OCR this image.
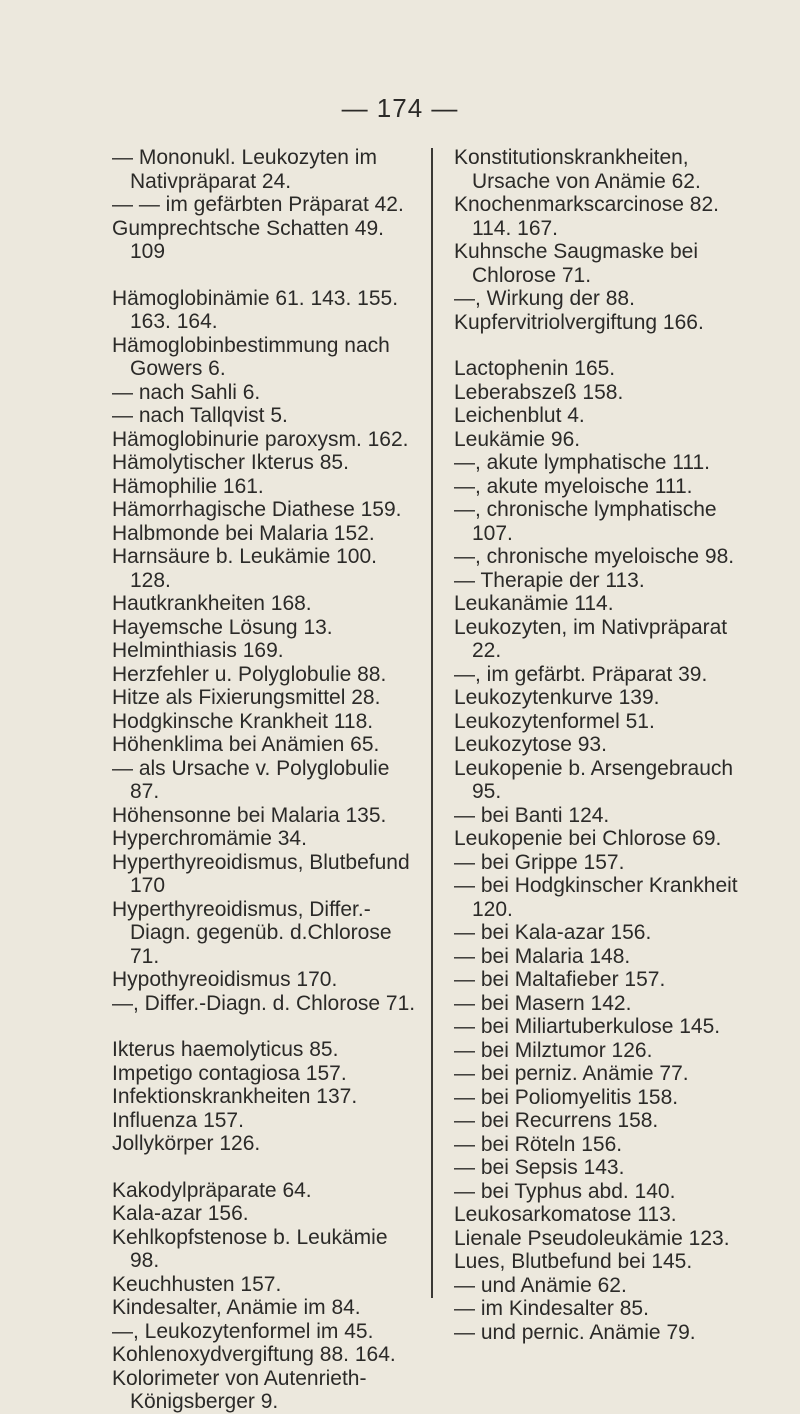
— 174 —
— Mononukl. Leukozyten im Nativpräparat 24.
— — im gefärbten Präparat 42.
Gumprechtsche Schatten 49. 109
Hämoglobinämie 61. 143. 155. 163. 164.
Hämoglobinbestimmung nach Gowers 6.
— nach Sahli 6.
— nach Tallqvist 5.
Hämoglobinurie paroxysm. 162.
Hämolytischer Ikterus 85.
Hämophilie 161.
Hämorrhagische Diathese 159.
Halbmonde bei Malaria 152.
Harnsäure b. Leukämie 100. 128.
Hautkrankheiten 168.
Hayemsche Lösung 13.
Helminthiasis 169.
Herzfehler u. Polyglobulie 88.
Hitze als Fixierungsmittel 28.
Hodgkinsche Krankheit 118.
Höhenklima bei Anämien 65.
— als Ursache v. Polyglobulie 87.
Höhensonne bei Malaria 135.
Hyperchromämie 34.
Hyperthyreoidismus, Blutbefund 170
Hyperthyreoidismus, Differ.-Diagn. gegenüb. d.Chlorose 71.
Hypothyreoidismus 170.
—, Differ.-Diagn. d. Chlorose 71.
Ikterus haemolyticus 85.
Impetigo contagiosa 157.
Infektionskrankheiten 137.
Influenza 157.
Jollykörper 126.
Kakodylpräparate 64.
Kala-azar 156.
Kehlkopfstenose b. Leukämie 98.
Keuchhusten 157.
Kindesalter, Anämie im 84.
—, Leukozytenformel im 45.
Kohlenoxydvergiftung 88. 164.
Kolorimeter von Autenrieth-Königsberger 9.
Konstitutionskrankheiten, Ursache von Anämie 62.
Knochenmarkscarcinose 82. 114. 167.
Kuhnsche Saugmaske bei Chlorose 71.
—, Wirkung der 88.
Kupfervitriolvergiftung 166.
Lactophenin 165.
Leberabszeß 158.
Leichenblut 4.
Leukämie 96.
—, akute lymphatische 111.
—, akute myeloische 111.
—, chronische lymphatische 107.
—, chronische myeloische 98.
— Therapie der 113.
Leukanämie 114.
Leukozyten, im Nativpräparat 22.
—, im gefärbt. Präparat 39.
Leukozytenkurve 139.
Leukozytenformel 51.
Leukozytose 93.
Leukopenie b. Arsengebrauch 95.
— bei Banti 124.
Leukopenie bei Chlorose 69.
— bei Grippe 157.
— bei Hodgkinscher Krankheit 120.
— bei Kala-azar 156.
— bei Malaria 148.
— bei Maltafieber 157.
— bei Masern 142.
— bei Miliartuberkulose 145.
— bei Milztumor 126.
— bei perniz. Anämie 77.
— bei Poliomyelitis 158.
— bei Recurrens 158.
— bei Röteln 156.
— bei Sepsis 143.
— bei Typhus abd. 140.
Leukosarkomatose 113.
Lienale Pseudoleukämie 123.
Lues, Blutbefund bei 145.
— und Anämie 62.
— im Kindesalter 85.
— und pernic. Anämie 79.
